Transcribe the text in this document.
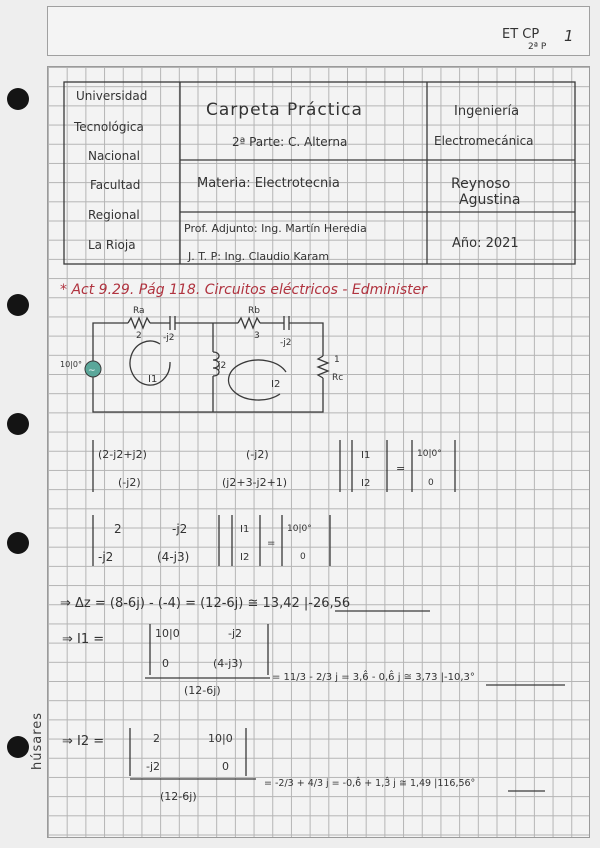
ET CP
2ª P
1
húsares
~
Universidad
Tecnológica
Nacional
Facultad
Regional
La Rioja
Carpeta Práctica
2ª Parte: C. Alterna
Ingeniería
Electromecánica
Materia: Electrotecnia	Reynoso
Agustina
Prof. Adjunto: Ing. Martín Heredia
J. T. P: Ing. Claudio Karam
Año: 2021
* Act 9.29. Pág 118. Circuitos eléctricos - Edminister
Ra
2 -j2
Rb
3
-j2
j2
1
Rc
10|0°
I1	I2
(2-j2+j2)	(-j2)
(-j2)	(j2+3-j2+1)
I1
I2
=
10|0°
0
2	-j2
-j2	(4-j3)
I1
I2
=
10|0°
0
⇒ Δz = (8-6j) - (-4) = (12-6j) ≅ 13,42 |-26,56
⇒ I1 =	10|0	-j2
0	(4-j3)
(12-6j)
= 11/3 - 2/3 j = 3,6̂ - 0,6̂ j ≅ 3,73 |-10,3°
⇒ I2 =	2	10|0
-j2	0
(12-6j)
= -2/3 + 4/3 j = -0,6̂ + 1,3̂ j ≅ 1,49 |116,56°
